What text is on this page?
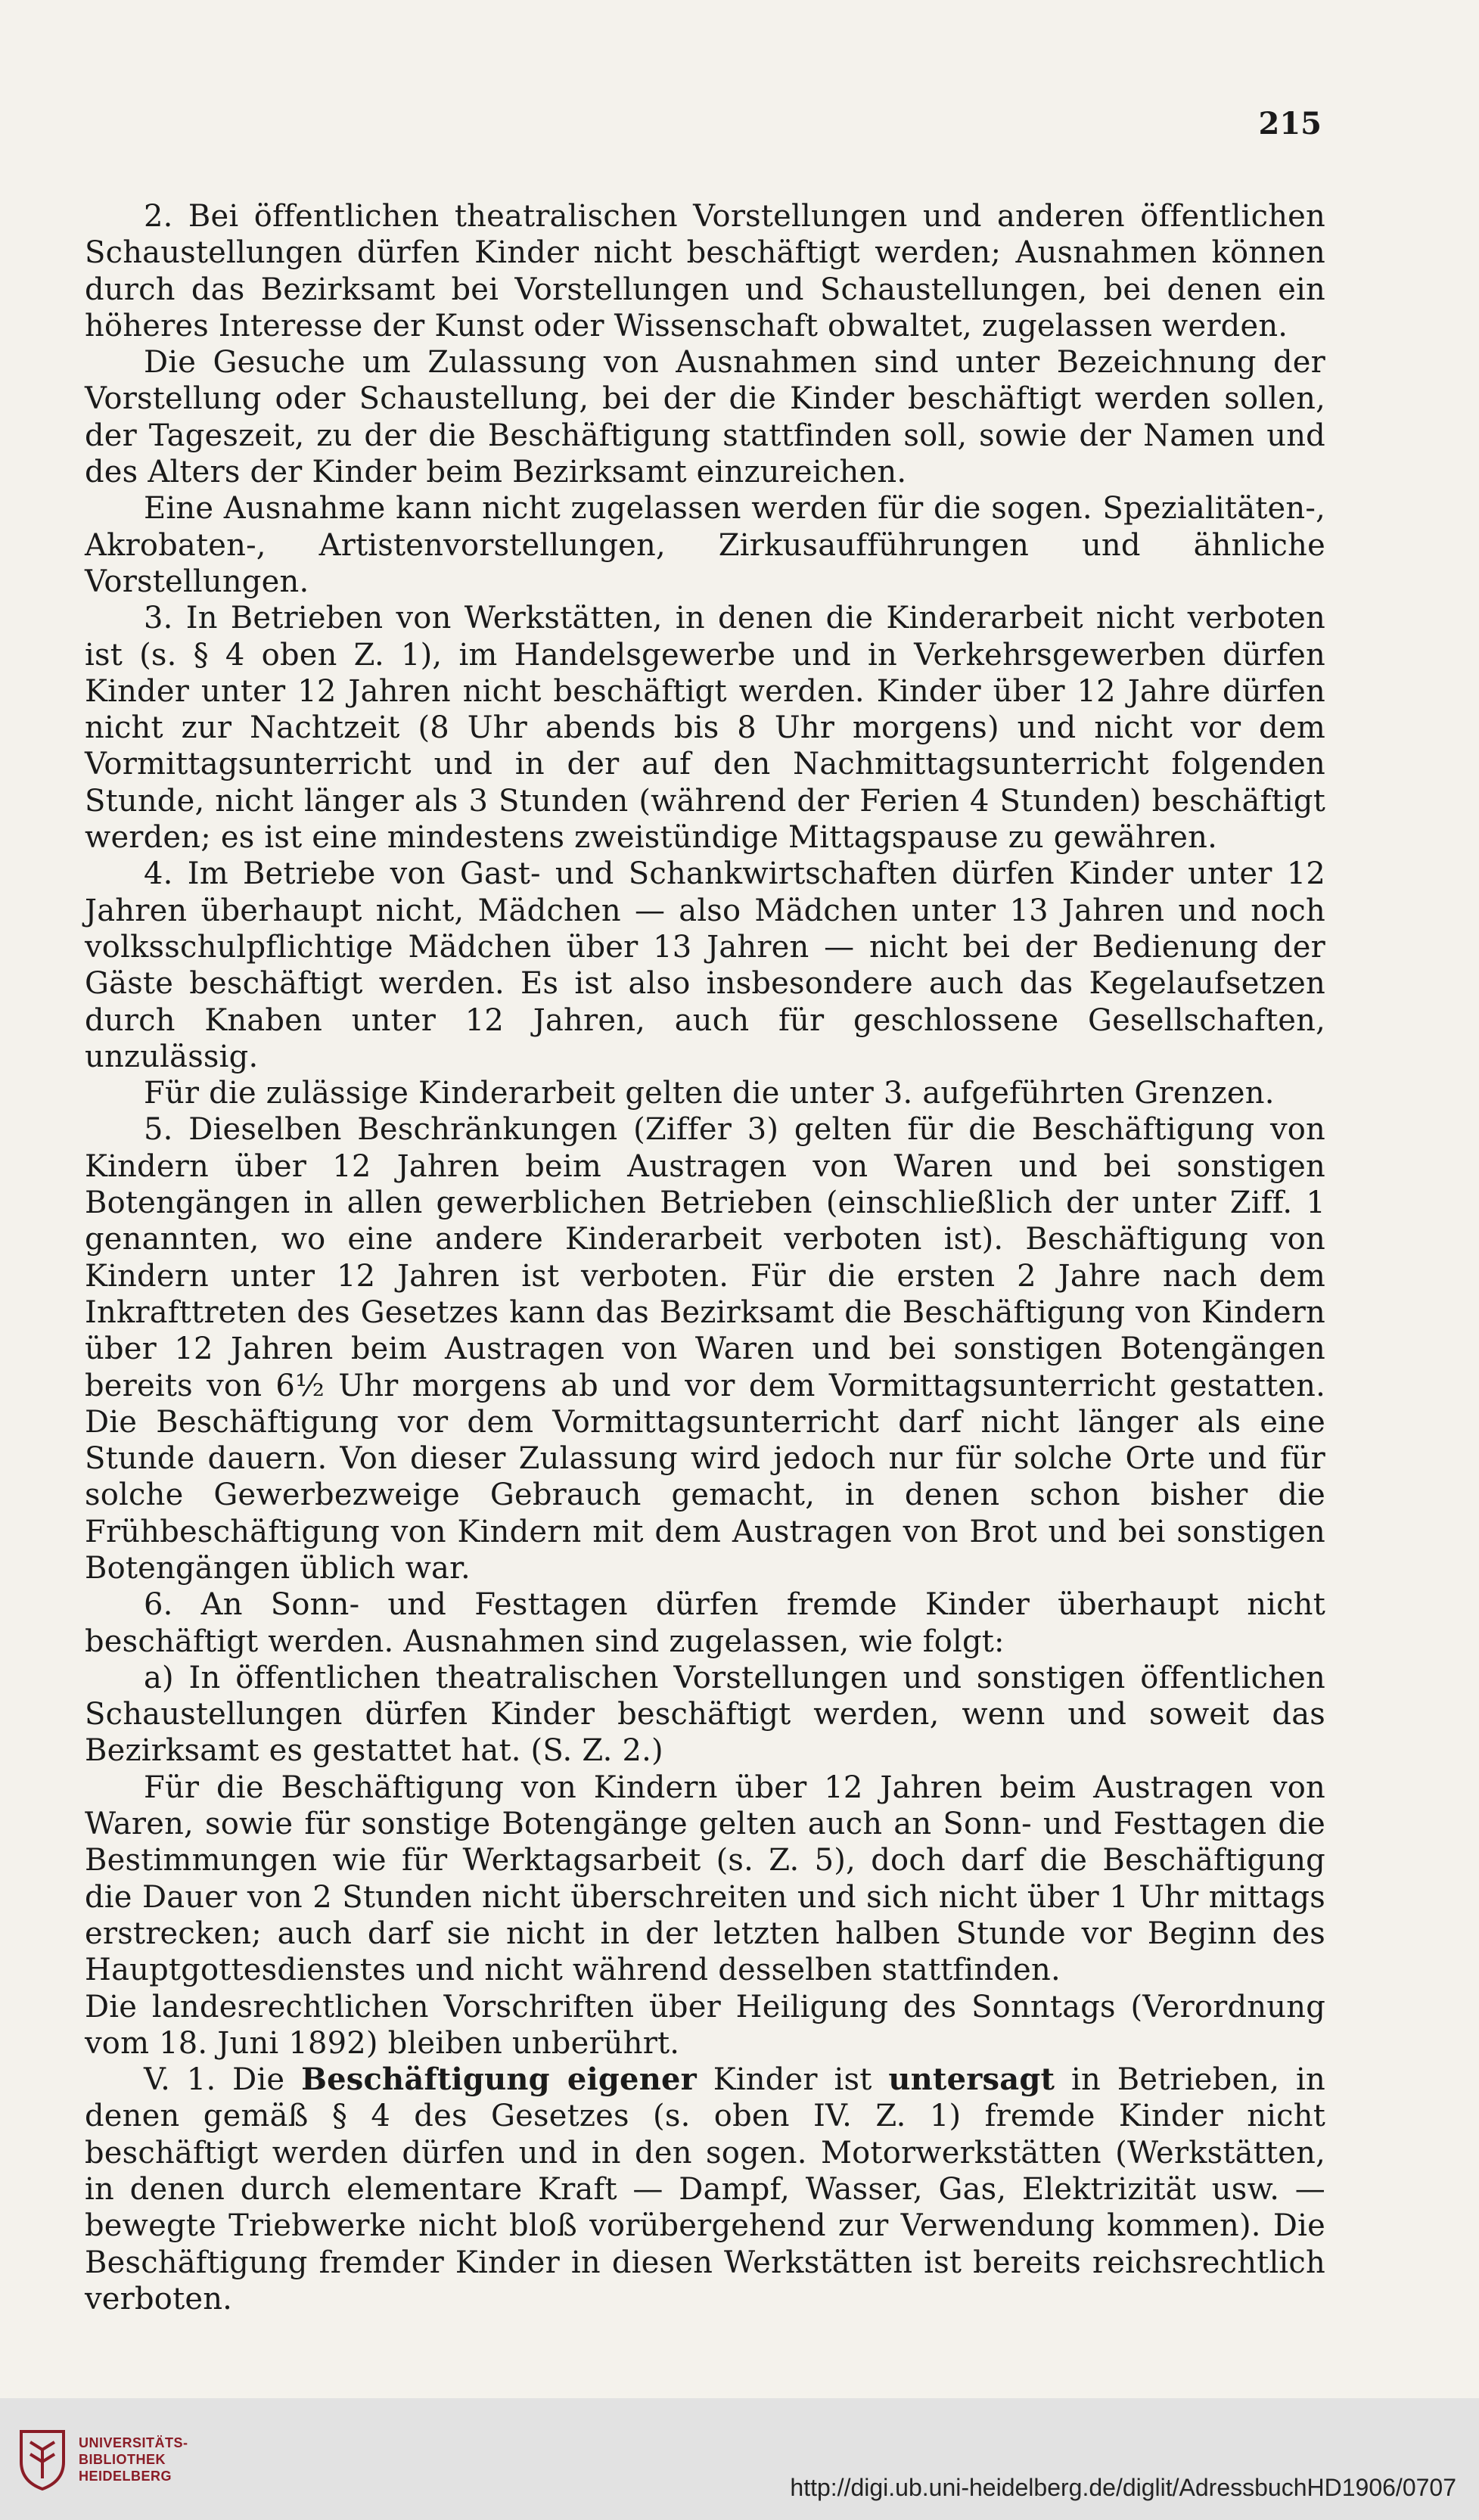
215

2. Bei öffentlichen theatralischen Vorstellungen und anderen öffentlichen Schaustellungen dürfen Kinder nicht beschäftigt werden; Ausnahmen können durch das Bezirksamt bei Vorstellungen und Schaustellungen, bei denen ein höheres Interesse der Kunst oder Wissenschaft obwaltet, zugelassen werden.

Die Gesuche um Zulassung von Ausnahmen sind unter Bezeichnung der Vorstellung oder Schaustellung, bei der die Kinder beschäftigt werden sollen, der Tageszeit, zu der die Beschäftigung stattfinden soll, sowie der Namen und des Alters der Kinder beim Bezirksamt einzureichen.

Eine Ausnahme kann nicht zugelassen werden für die sogen. Spezialitäten-, Akrobaten-, Artistenvorstellungen, Zirkusaufführungen und ähnliche Vorstellungen.

3. In Betrieben von Werkstätten, in denen die Kinderarbeit nicht verboten ist (s. § 4 oben Z. 1), im Handelsgewerbe und in Verkehrsgewerben dürfen Kinder unter 12 Jahren nicht beschäftigt werden. Kinder über 12 Jahre dürfen nicht zur Nachtzeit (8 Uhr abends bis 8 Uhr morgens) und nicht vor dem Vormittagsunterricht und in der auf den Nachmittagsunterricht folgenden Stunde, nicht länger als 3 Stunden (während der Ferien 4 Stunden) beschäftigt werden; es ist eine mindestens zweistündige Mittagspause zu gewähren.

4. Im Betriebe von Gast- und Schankwirtschaften dürfen Kinder unter 12 Jahren überhaupt nicht, Mädchen — also Mädchen unter 13 Jahren und noch volksschulpflichtige Mädchen über 13 Jahren — nicht bei der Bedienung der Gäste beschäftigt werden. Es ist also insbesondere auch das Kegelaufsetzen durch Knaben unter 12 Jahren, auch für geschlossene Gesellschaften, unzulässig.

Für die zulässige Kinderarbeit gelten die unter 3. aufgeführten Grenzen.

5. Dieselben Beschränkungen (Ziffer 3) gelten für die Beschäftigung von Kindern über 12 Jahren beim Austragen von Waren und bei sonstigen Botengängen in allen gewerblichen Betrieben (einschließlich der unter Ziff. 1 genannten, wo eine andere Kinderarbeit verboten ist). Beschäftigung von Kindern unter 12 Jahren ist verboten. Für die ersten 2 Jahre nach dem Inkrafttreten des Gesetzes kann das Bezirksamt die Beschäftigung von Kindern über 12 Jahren beim Austragen von Waren und bei sonstigen Botengängen bereits von 6½ Uhr morgens ab und vor dem Vormittagsunterricht gestatten. Die Beschäftigung vor dem Vormittagsunterricht darf nicht länger als eine Stunde dauern. Von dieser Zulassung wird jedoch nur für solche Orte und für solche Gewerbezweige Gebrauch gemacht, in denen schon bisher die Frühbeschäftigung von Kindern mit dem Austragen von Brot und bei sonstigen Botengängen üblich war.

6. An Sonn- und Festtagen dürfen fremde Kinder überhaupt nicht beschäftigt werden. Ausnahmen sind zugelassen, wie folgt:

a) In öffentlichen theatralischen Vorstellungen und sonstigen öffentlichen Schaustellungen dürfen Kinder beschäftigt werden, wenn und soweit das Bezirksamt es gestattet hat. (S. Z. 2.)

Für die Beschäftigung von Kindern über 12 Jahren beim Austragen von Waren, sowie für sonstige Botengänge gelten auch an Sonn- und Festtagen die Bestimmungen wie für Werktagsarbeit (s. Z. 5), doch darf die Beschäftigung die Dauer von 2 Stunden nicht überschreiten und sich nicht über 1 Uhr mittags erstrecken; auch darf sie nicht in der letzten halben Stunde vor Beginn des Hauptgottesdienstes und nicht während desselben stattfinden.

Die landesrechtlichen Vorschriften über Heiligung des Sonntags (Verordnung vom 18. Juni 1892) bleiben unberührt.

V. 1. Die Beschäftigung eigener Kinder ist untersagt in Betrieben, in denen gemäß § 4 des Gesetzes (s. oben IV. Z. 1) fremde Kinder nicht beschäftigt werden dürfen und in den sogen. Motorwerkstätten (Werkstätten, in denen durch elementare Kraft — Dampf, Wasser, Gas, Elektrizität usw. — bewegte Triebwerke nicht bloß vorübergehend zur Verwendung kommen). Die Beschäftigung fremder Kinder in diesen Werkstätten ist bereits reichsrechtlich verboten.

UNIVERSITÄTS-
BIBLIOTHEK
HEIDELBERG	http://digi.ub.uni-heidelberg.de/diglit/AdressbuchHD1906/0707
